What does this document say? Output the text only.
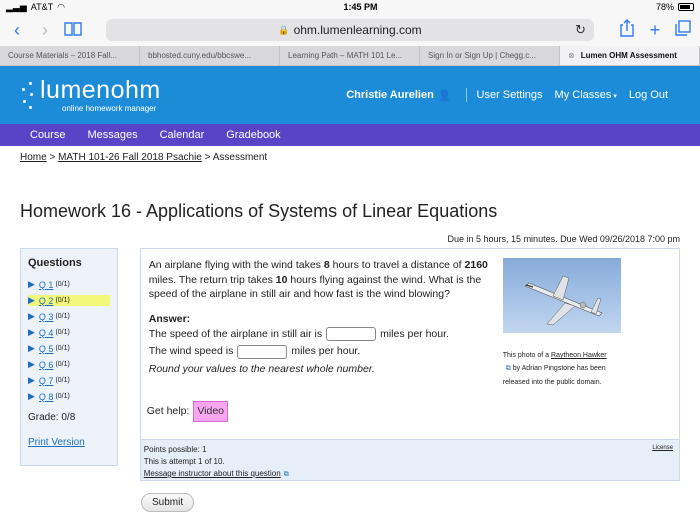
▂▃▅ AT&T ◠	1:45 PM	78%
‹	›	🔒 ohm.lumenlearning.com	↻	+
Course Materials – 2018 Fall...	bbhosted.cuny.edu/bbcswe...	Learning Path – MATH 101 Le...	Sign In or Sign Up | Chegg.c...	⊗ Lumen OHM Assessment
lumenohm
online homework manager
Christie Aurelien 👤 User Settings My Classes ▾ Log Out
Course Messages Calendar Gradebook
Home > MATH 101-26 Fall 2018 Psachie > Assessment
Homework 16 - Applications of Systems of Linear Equations
Due in 5 hours, 15 minutes. Due Wed 09/26/2018 7:00 pm
Questions
▶ Q 1 (0/1)
▶ Q 2 (0/1)
▶ Q 3 (0/1)
▶ Q 4 (0/1)
▶ Q 5 (0/1)
▶ Q 6 (0/1)
▶ Q 7 (0/1)
▶ Q 8 (0/1)
Grade: 0/8
Print Version
An airplane flying with the wind takes 8 hours to travel a distance of 2160 miles. The return trip takes 10 hours flying against the wind. What is the speed of the airplane in still air and how fast is the wind blowing?
Answer:
The speed of the airplane in still air is	miles per hour.
The wind speed is	miles per hour.
Round your values to the nearest whole number.
This photo of a Raytheon Hawker
⧉ by Adrian Pingstone has been released into the public domain.
Get help: Video
Points possible: 1
This is attempt 1 of 10.
Message instructor about this question ⧉
License
Submit
